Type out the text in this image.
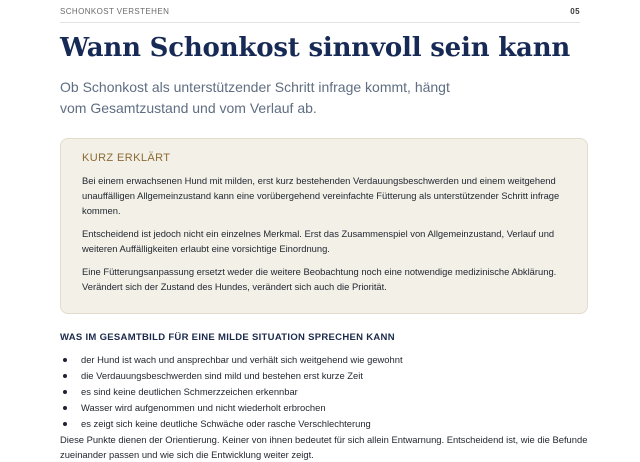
SCHONKOST VERSTEHEN	05
Wann Schonkost sinnvoll sein kann

Ob Schonkost als unterstützender Schritt infrage kommt, hängt vom Gesamtzustand und vom Verlauf ab.

KURZ ERKLÄRT

Bei einem erwachsenen Hund mit milden, erst kurz bestehenden Verdauungsbeschwerden und einem weitgehend unauffälligen Allgemeinzustand kann eine vorübergehend vereinfachte Fütterung als unterstützender Schritt infrage kommen.

Entscheidend ist jedoch nicht ein einzelnes Merkmal. Erst das Zusammenspiel von Allgemeinzustand, Verlauf und weiteren Auffälligkeiten erlaubt eine vorsichtige Einordnung.

Eine Fütterungsanpassung ersetzt weder die weitere Beobachtung noch eine notwendige medizinische Abklärung. Verändert sich der Zustand des Hundes, verändert sich auch die Priorität.

WAS IM GESAMTBILD FÜR EINE MILDE SITUATION SPRECHEN KANN
der Hund ist wach und ansprechbar und verhält sich weitgehend wie gewohnt
die Verdauungsbeschwerden sind mild und bestehen erst kurze Zeit
es sind keine deutlichen Schmerzzeichen erkennbar
Wasser wird aufgenommen und nicht wiederholt erbrochen
es zeigt sich keine deutliche Schwäche oder rasche Verschlechterung

Diese Punkte dienen der Orientierung. Keiner von ihnen bedeutet für sich allein Entwarnung. Entscheidend ist, wie die Befunde zueinander passen und wie sich die Entwicklung weiter zeigt.
